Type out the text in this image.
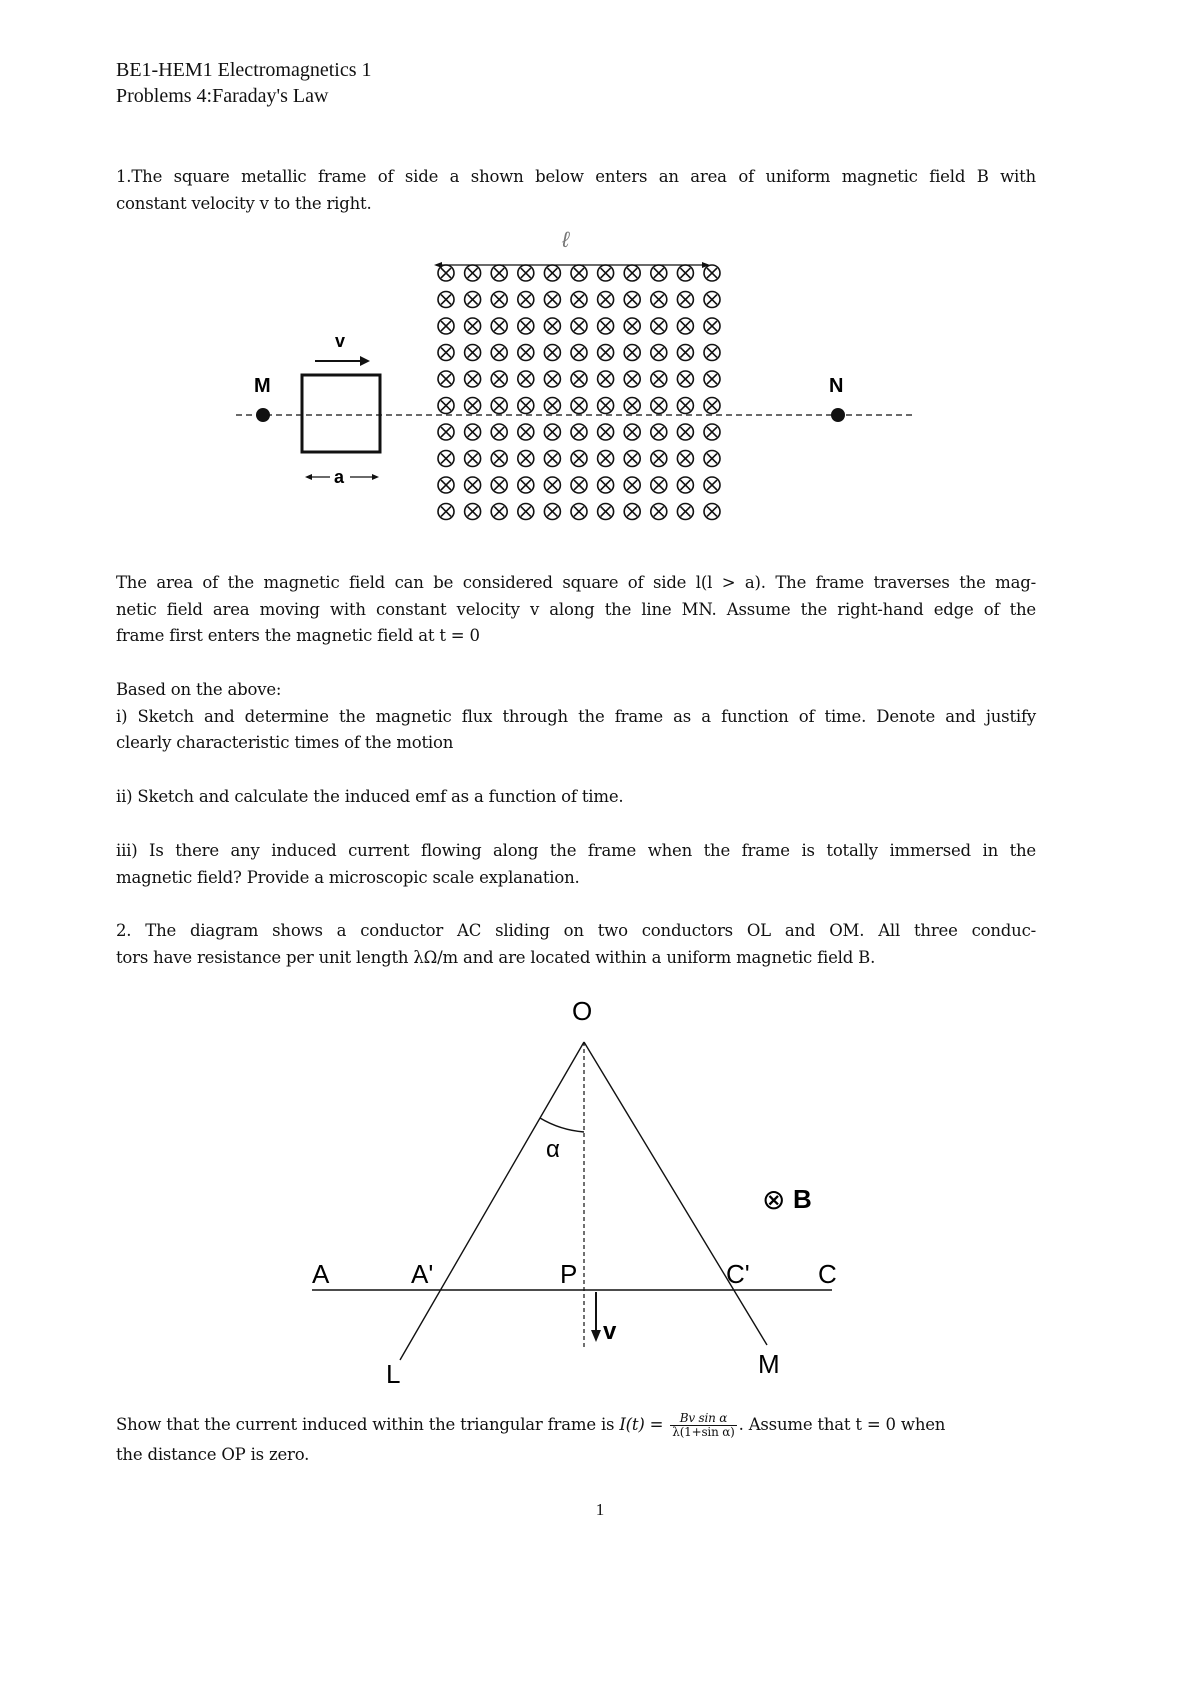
BE1-HEM1 Electromagnetics 1
Problems 4:Faraday's Law
1.The square metallic frame of side a shown below enters an area of uniform magnetic field B with
constant velocity v to the right.
ℓ
v
M	N
a
The area of the magnetic field can be considered square of side l(l > a). The frame traverses the mag-
netic field area moving with constant velocity v along the line MN. Assume the right-hand edge of the
frame first enters the magnetic field at t = 0
Based on the above:
i) Sketch and determine the magnetic flux through the frame as a function of time. Denote and justify
clearly characteristic times of the motion
ii) Sketch and calculate the induced emf as a function of time.
iii) Is there any induced current flowing along the frame when the frame is totally immersed in the
magnetic field? Provide a microscopic scale explanation.
2. The diagram shows a conductor AC sliding on two conductors OL and OM. All three conduc-
tors have resistance per unit length λΩ/m and are located within a uniform magnetic field B.
O
α
⊗ B
A	A'	P	C'	C
v
L	M
Show that the current induced within the triangular frame is $I(t) = \frac{\text{Bv sin α}}{\text{λ(1+sin α)}}$ . Assume that t = 0 when
the distance OP is zero.
1
